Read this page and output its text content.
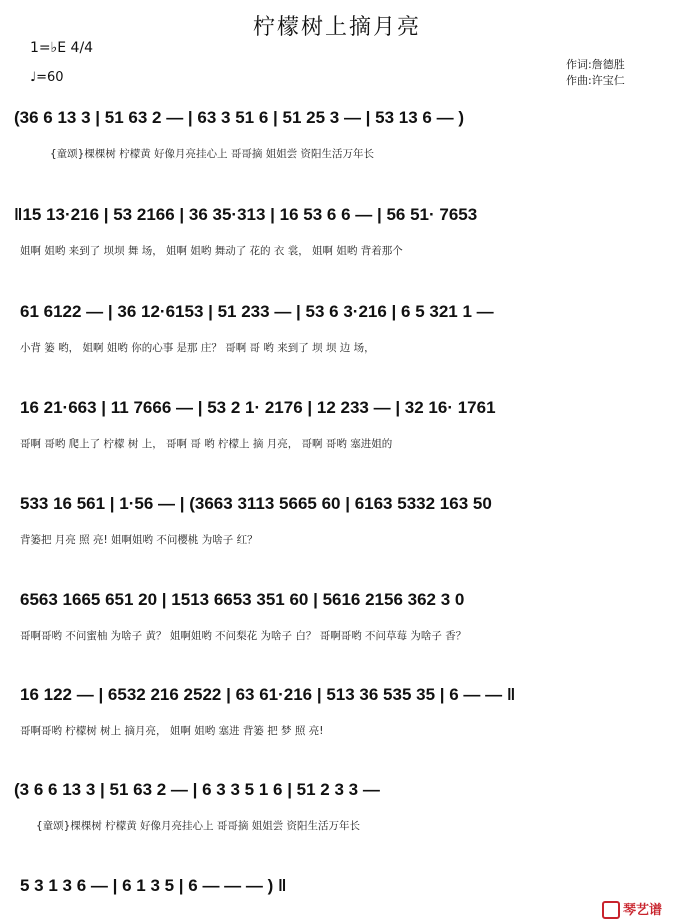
柠檬树上摘月亮
1=♭E 4/4
♩=60
作词:詹德胜
作曲:许宝仁
(36 6 13 3 | 51 63 2 — | 63 3 51 6 | 51 25 3 — | 53 13 6 — )
{童颂}棵棵树 柠檬黄 好像月亮挂心上 哥哥摘 姐姐尝 资阳生活万年长
‖15 13·216 | 53 2166 | 36 35·313 | 16 53 6 6 — | 56 51· 7653
姐啊 姐哟 来到了 坝坝 舞 场， 姐啊 姐哟 舞动了 花的 衣 裳， 姐啊 姐哟 背着那个
61 6122 — | 36 12·6153 | 51 233 — | 53 6 3·216 | 6 5 321 1 —
小背 篓 哟， 姐啊 姐哟 你的心事 是那 庄？ 哥啊 哥 哟 来到了 坝 坝 边 场，
16 21·663 | 11 7666 — | 53 2 1· 2176 | 12 233 — | 32 16· 1761
哥啊 哥哟 爬上了 柠檬 树 上， 哥啊 哥 哟 柠檬上 摘 月亮， 哥啊 哥哟 塞进姐的
533 16 561 | 1·56 — | (3663 3113 5665 60 | 6163 5332 163 50
背篓把 月亮 照 亮! 姐啊姐哟 不问樱桃 为啥子 红？
6563 1665 651 20 | 1513 6653 351 60 | 5616 2156 362 3 0
哥啊哥哟 不问蜜柚 为啥子 黄？ 姐啊姐哟 不问梨花 为啥子 白？ 哥啊哥哟 不问草莓 为啥子 香？
16 122 — | 6532 216 2522 | 63 61·216 | 513 36 535 35 | 6 — — ‖
哥啊哥哟 柠檬树 树上 摘月亮， 姐啊 姐哟 塞进 背篓 把 梦 照 亮!
(3 6 6 13 3 | 51 63 2 — | 6 3 3 5 1 6 | 51 2 3 3 —
{童颂}棵棵树 柠檬黄 好像月亮挂心上 哥哥摘 姐姐尝 资阳生活万年长
5 3 1 3 6 — | 6 1 3 5 | 6 — — — ) ‖
琴艺谱
